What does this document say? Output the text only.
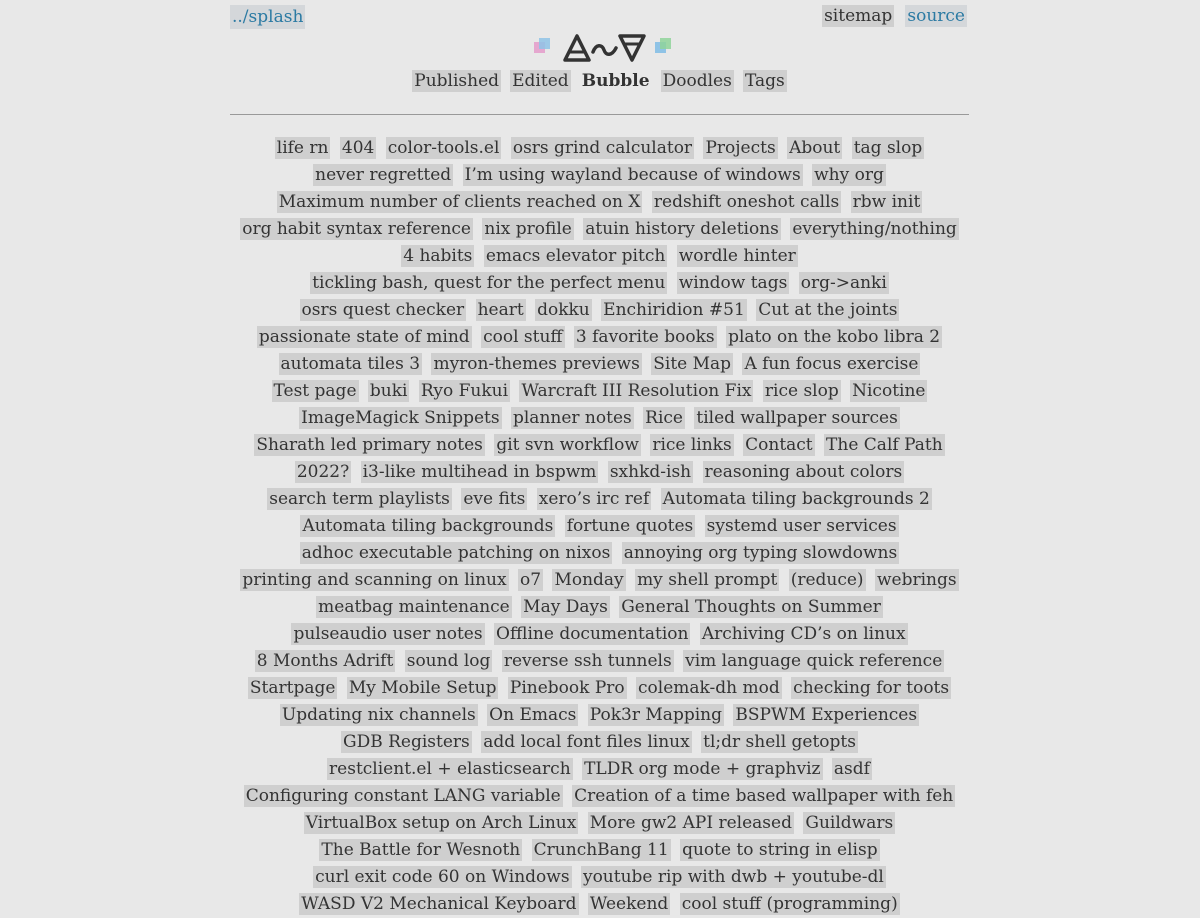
../splash	sitemap source
Published Edited Bubble Doodles Tags
life rn 404 color-tools.el osrs grind calculator Projects About tag slop never regretted I’m using wayland because of windows why org Maximum number of clients reached on X redshift oneshot calls rbw init org habit syntax reference nix profile atuin history deletions everything/nothing 4 habits emacs elevator pitch wordle hinter tickling bash, quest for the perfect menu window tags org->anki osrs quest checker heart dokku Enchiridion #51 Cut at the joints passionate state of mind cool stuff 3 favorite books plato on the kobo libra 2 automata tiles 3 myron-themes previews Site Map A fun focus exercise Test page buki Ryo Fukui Warcraft III Resolution Fix rice slop Nicotine ImageMagick Snippets planner notes Rice tiled wallpaper sources Sharath led primary notes git svn workflow rice links Contact The Calf Path 2022? i3-like multihead in bspwm sxhkd-ish reasoning about colors search term playlists eve fits xero’s irc ref Automata tiling backgrounds 2 Automata tiling backgrounds fortune quotes systemd user services adhoc executable patching on nixos annoying org typing slowdowns printing and scanning on linux o7 Monday my shell prompt (reduce) webrings meatbag maintenance May Days General Thoughts on Summer pulseaudio user notes Offline documentation Archiving CD’s on linux 8 Months Adrift sound log reverse ssh tunnels vim language quick reference Startpage My Mobile Setup Pinebook Pro colemak-dh mod checking for toots Updating nix channels On Emacs Pok3r Mapping BSPWM Experiences GDB Registers add local font files linux tl;dr shell getopts restclient.el + elasticsearch TLDR org mode + graphviz asdf Configuring constant LANG variable Creation of a time based wallpaper with feh VirtualBox setup on Arch Linux More gw2 API released Guildwars The Battle for Wesnoth CrunchBang 11 quote to string in elisp curl exit code 60 on Windows youtube rip with dwb + youtube-dl WASD V2 Mechanical Keyboard Weekend cool stuff (programming)
